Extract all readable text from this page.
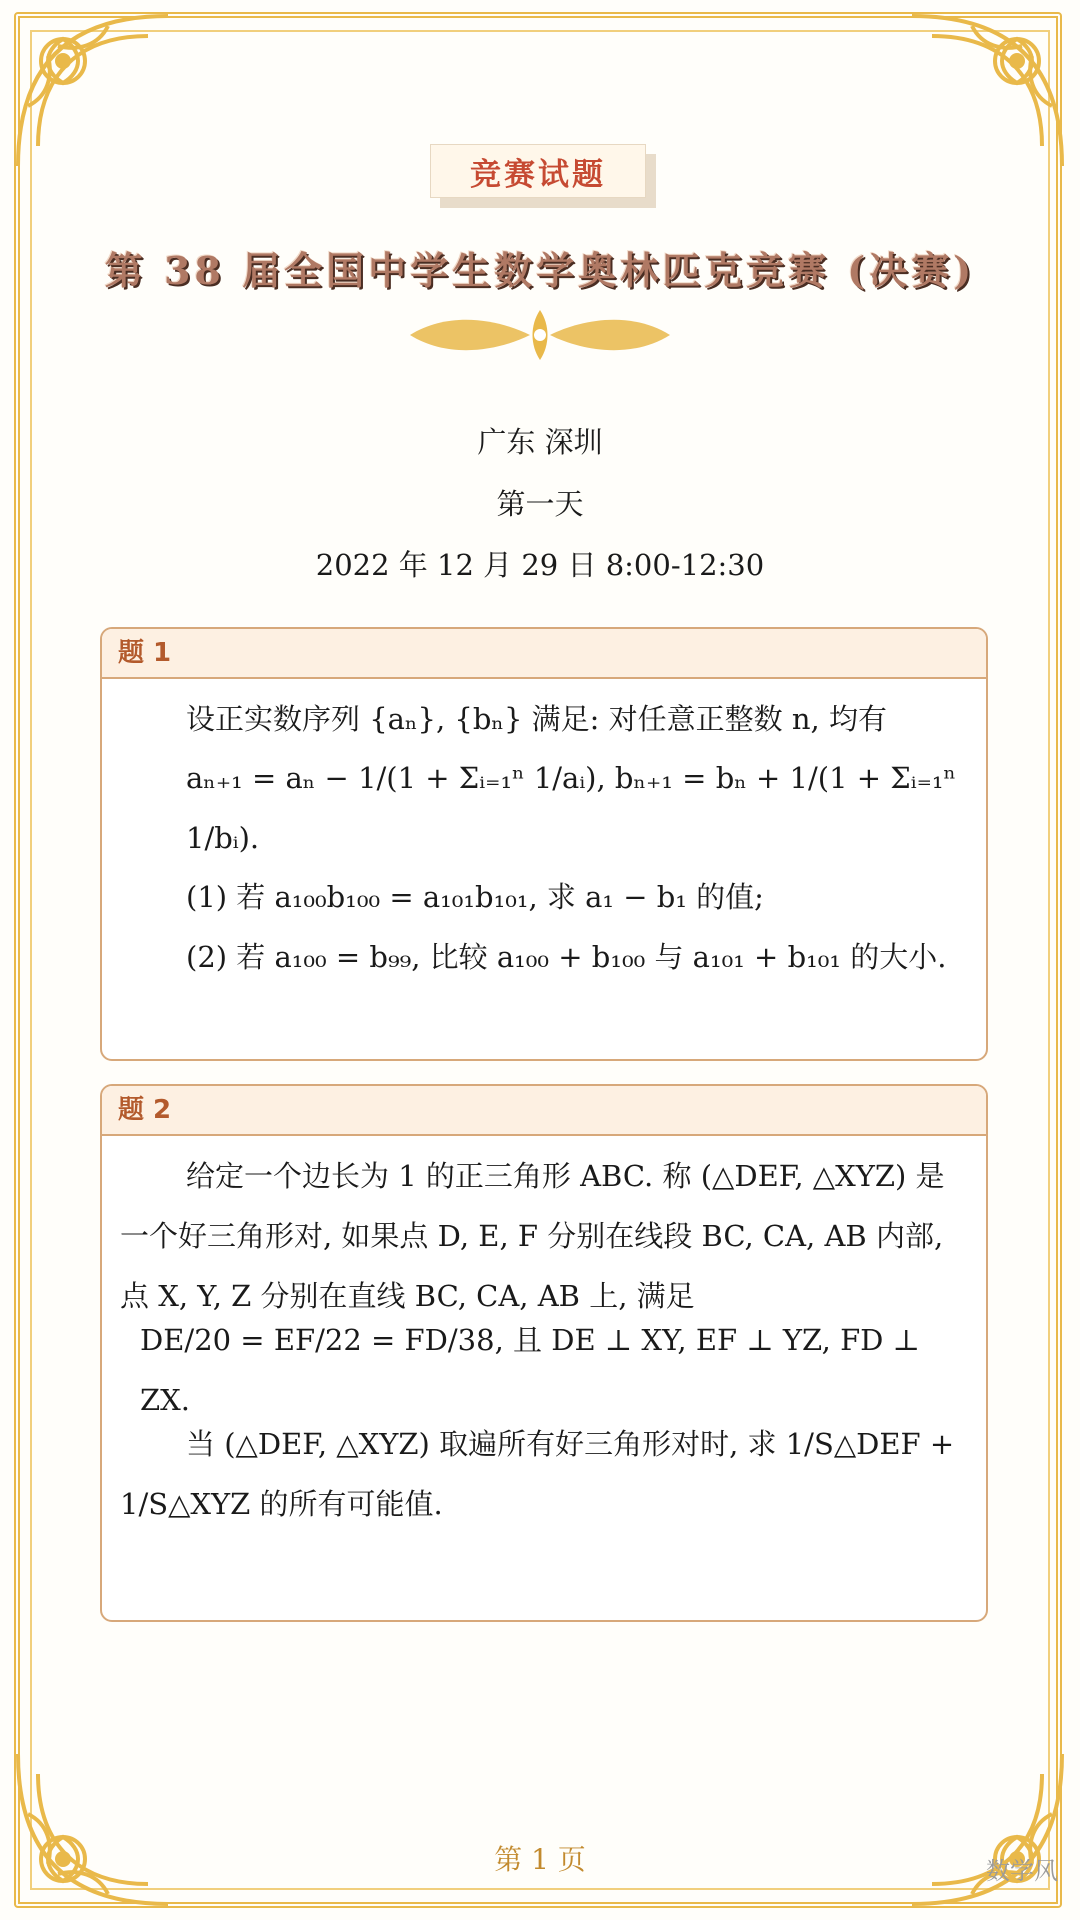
竞赛试题
第 38 届全国中学生数学奥林匹克竞赛 (决赛)
广东 深圳
第一天
2022 年 12 月 29 日 8:00-12:30
题 1

设正实数序列 {aₙ}, {bₙ} 满足: 对任意正整数 n, 均有

aₙ₊₁ = aₙ − 1/(1 + Σᵢ₌₁ⁿ 1/aᵢ), bₙ₊₁ = bₙ + 1/(1 + Σᵢ₌₁ⁿ 1/bᵢ).

(1) 若 a₁₀₀b₁₀₀ = a₁₀₁b₁₀₁, 求 a₁ − b₁ 的值;

(2) 若 a₁₀₀ = b₉₉, 比较 a₁₀₀ + b₁₀₀ 与 a₁₀₁ + b₁₀₁ 的大小.

题 2

给定一个边长为 1 的正三角形 ABC. 称 (△DEF, △XYZ) 是一个好三角形对, 如果点 D, E, F 分别在线段 BC, CA, AB 内部, 点 X, Y, Z 分别在直线 BC, CA, AB 上, 满足

DE/20 = EF/22 = FD/38, 且 DE ⊥ XY, EF ⊥ YZ, FD ⊥ ZX.

当 (△DEF, △XYZ) 取遍所有好三角形对时, 求 1/S△DEF + 1/S△XYZ 的所有可能值.

第 1 页	数学风
